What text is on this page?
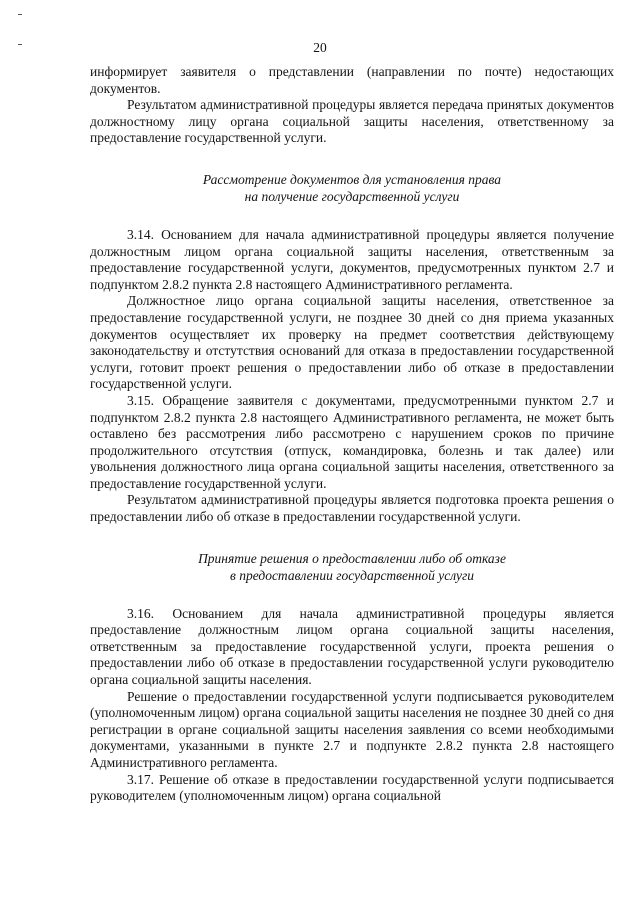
20

информирует заявителя о представлении (направлении по почте) недостающих документов.

Результатом административной процедуры является передача принятых документов должностному лицу органа социальной защиты населения, ответственному за предоставление государственной услуги.

Рассмотрение документов для установления права
на получение государственной услуги

3.14. Основанием для начала административной процедуры является получение должностным лицом органа социальной защиты населения, ответственным за предоставление государственной услуги, документов, предусмотренных пунктом 2.7 и подпунктом 2.8.2 пункта 2.8 настоящего Административного регламента.

Должностное лицо органа социальной защиты населения, ответственное за предоставление государственной услуги, не позднее 30 дней со дня приема указанных документов осуществляет их проверку на предмет соответствия действующему законодательству и отстутствия оснований для отказа в предоставлении государственной услуги, готовит проект решения о предоставлении либо об отказе в предоставлении государственной услуги.

3.15. Обращение заявителя с документами, предусмотренными пунктом 2.7 и подпунктом 2.8.2 пункта 2.8 настоящего Административного регламента, не может быть оставлено без рассмотрения либо рассмотрено с нарушением сроков по причине продолжительного отсутствия (отпуск, командировка, болезнь и так далее) или увольнения должностного лица органа социальной защиты населения, ответственного за предоставление государственной услуги.

Результатом административной процедуры является подготовка проекта решения о предоставлении либо об отказе в предоставлении государственной услуги.

Принятие решения о предоставлении либо об отказе
в предоставлении государственной услуги

3.16. Основанием для начала административной процедуры является предоставление должностным лицом органа социальной защиты населения, ответственным за предоставление государственной услуги, проекта решения о предоставлении либо об отказе в предоставлении государственной услуги руководителю органа социальной защиты населения.

Решение о предоставлении государственной услуги подписывается руководителем (уполномоченным лицом) органа социальной защиты населения не позднее 30 дней со дня регистрации в органе социальной защиты населения заявления со всеми необходимыми документами, указанными в пункте 2.7 и подпункте 2.8.2 пункта 2.8 настоящего Административного регламента.

3.17. Решение об отказе в предоставлении государственной услуги подписывается руководителем (уполномоченным лицом) органа социальной
